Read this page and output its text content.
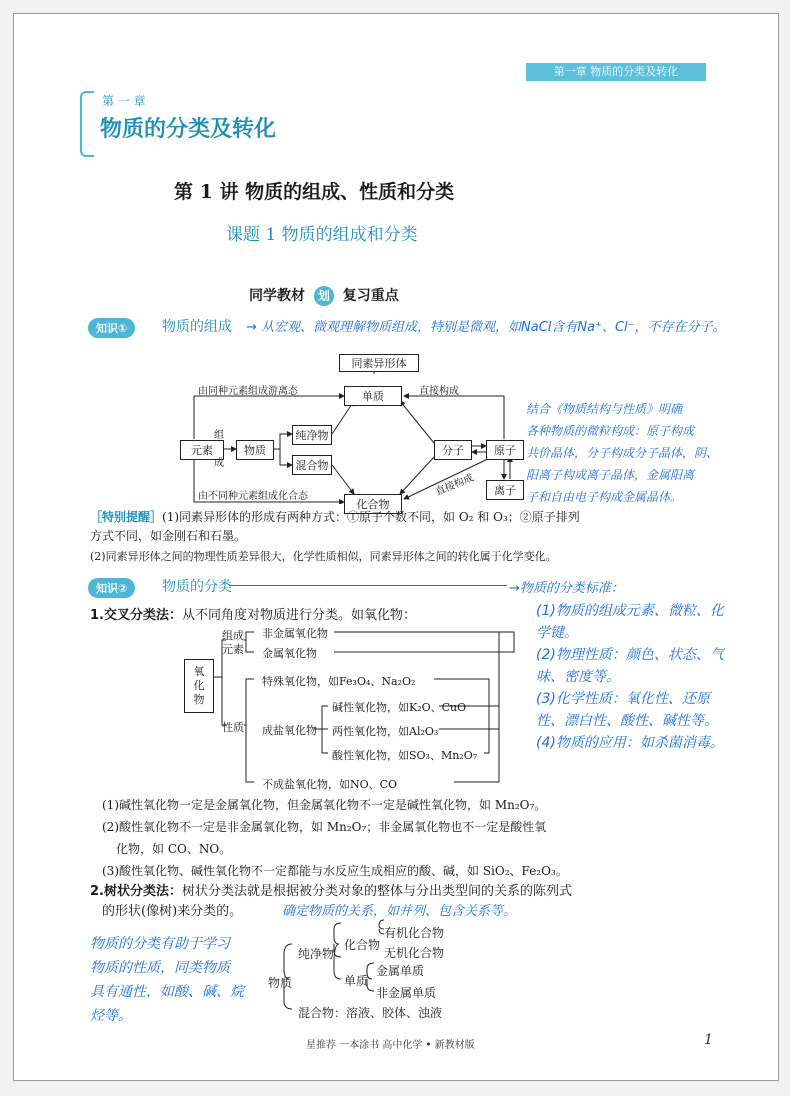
第一章 物质的分类及转化
第 一 章
物质的分类及转化
第 1 讲 物质的组成、性质和分类
课题 1 物质的组成和分类
同学教材 划 复习重点
知识①	物质的组成 → 从宏观、微观理解物质组成，特别是微观，如NaCl含有Na⁺、Cl⁻，不存在分子。
同素异形体
单质
元素
组
成
物质
纯净物
混合物
化合物
分子	原子
离子
由同种元素组成游离态
由不同种元素组成化合态
直接构成
直接构成
结合《物质结构与性质》明确
各种物质的微粒构成：原子构成
共价晶体，分子构成分子晶体，阴、
阳离子构成离子晶体，金属阳离
子和自由电子构成金属晶体。
［特别提醒］(1)同素异形体的形成有两种方式：①原子个数不同，如 O₂ 和 O₃；②原子排列
方式不同，如金刚石和石墨。
(2)同素异形体之间的物理性质差异很大，化学性质相似，同素异形体之间的转化属于化学变化。
知识②	物质的分类	→物质的分类标准：
1.交叉分类法：从不同角度对物质进行分类。如氧化物：
氧
化
物
组成
元素
性质
非金属氧化物
金属氧化物
特殊氧化物，如Fe₃O₄、Na₂O₂
成盐氧化物
碱性氧化物，如K₂O、CuO
两性氧化物，如Al₂O₃
酸性氧化物，如SO₃、Mn₂O₇
不成盐氧化物，如NO、CO
(1)物质的组成元素、微粒、化
学键。
(2)物理性质：颜色、状态、气
味、密度等。
(3)化学性质：氧化性、还原
性、漂白性、酸性、碱性等。
(4)物质的应用：如杀菌消毒。
(1)碱性氧化物一定是金属氧化物，但金属氧化物不一定是碱性氧化物，如 Mn₂O₇。
(2)酸性氧化物不一定是非金属氧化物，如 Mn₂O₇；非金属氧化物也不一定是酸性氧
化物，如 CO、NO。
(3)酸性氧化物、碱性氧化物不一定都能与水反应生成相应的酸、碱，如 SiO₂、Fe₂O₃。
2.树状分类法：树状分类法就是根据被分类对象的整体与分出类型间的关系的陈列式
的形状(像树)来分类的。	确定物质的关系，如并列、包含关系等。
物质的分类有助于学习
物质的性质，同类物质
具有通性，如酸、碱、烷
烃等。
物质
纯净物
化合物
有机化合物
无机化合物
单质
金属单质
非金属单质
混合物：溶液、胶体、浊液
星推荐 一本涂书 高中化学 • 新教材版	1
